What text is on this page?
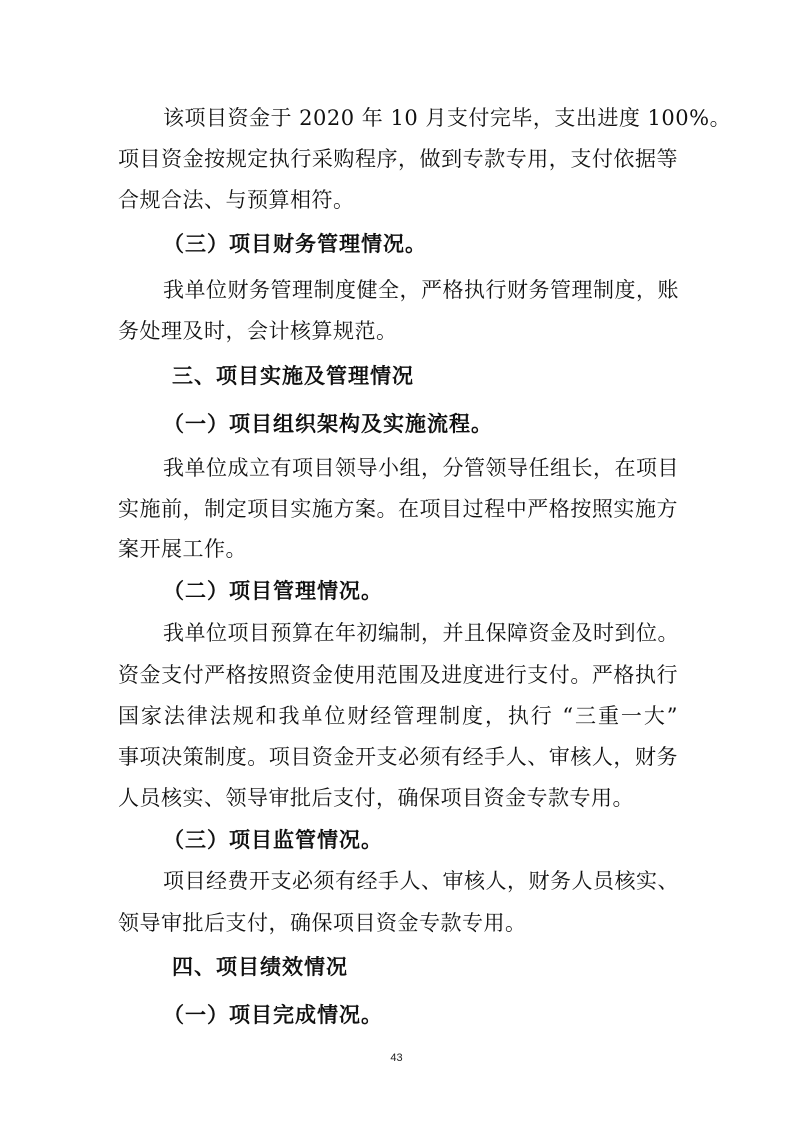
该项目资金于 2020 年 10 月支付完毕，支出进度 100%。
项目资金按规定执行采购程序，做到专款专用，支付依据等
合规合法、与预算相符。
（三）项目财务管理情况。
我单位财务管理制度健全，严格执行财务管理制度，账
务处理及时，会计核算规范。
三、项目实施及管理情况
（一）项目组织架构及实施流程。
我单位成立有项目领导小组，分管领导任组长，在项目
实施前，制定项目实施方案。在项目过程中严格按照实施方
案开展工作。
（二）项目管理情况。
我单位项目预算在年初编制，并且保障资金及时到位。
资金支付严格按照资金使用范围及进度进行支付。严格执行
国家法律法规和我单位财经管理制度，执行 “三重一大”
事项决策制度。项目资金开支必须有经手人、审核人，财务
人员核实、领导审批后支付，确保项目资金专款专用。
（三）项目监管情况。
项目经费开支必须有经手人、审核人，财务人员核实、
领导审批后支付，确保项目资金专款专用。
四、项目绩效情况
（一）项目完成情况。
43
